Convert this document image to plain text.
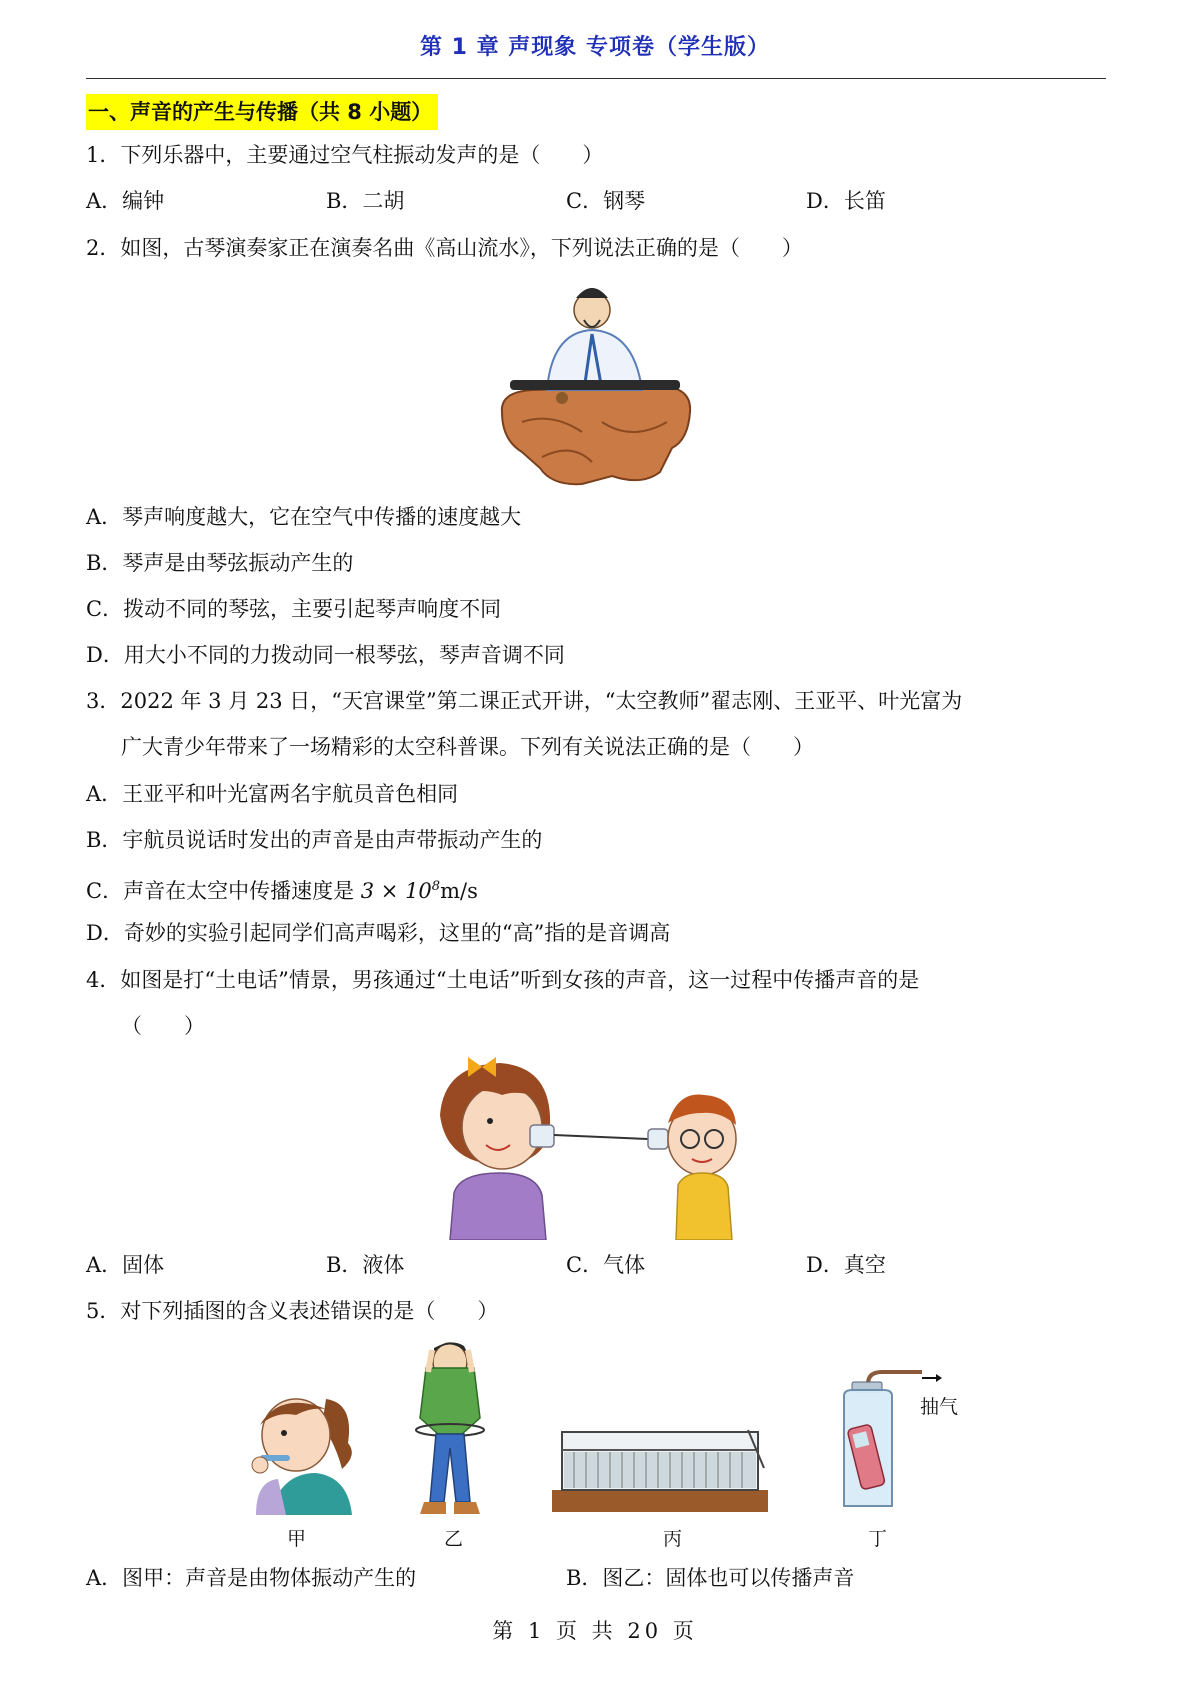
第 1 章 声现象 专项卷（学生版）
一、声音的产生与传播（共 8 小题）
1．下列乐器中，主要通过空气柱振动发声的是（　　）
A．编钟	B．二胡	C．钢琴	D．长笛
2．如图，古琴演奏家正在演奏名曲《高山流水》，下列说法正确的是（　　）
A．琴声响度越大，它在空气中传播的速度越大
B．琴声是由琴弦振动产生的
C．拨动不同的琴弦，主要引起琴声响度不同
D．用大小不同的力拨动同一根琴弦，琴声音调不同
3．2022 年 3 月 23 日，“天宫课堂”第二课正式开讲，“太空教师”翟志刚、王亚平、叶光富为
广大青少年带来了一场精彩的太空科普课。下列有关说法正确的是（　　）
A．王亚平和叶光富两名宇航员音色相同
B．宇航员说话时发出的声音是由声带振动产生的
C．声音在太空中传播速度是 $3 \times 10^8m/s$
D．奇妙的实验引起同学们高声喝彩，这里的“高”指的是音调高
4．如图是打“土电话”情景，男孩通过“土电话”听到女孩的声音，这一过程中传播声音的是
（　　）
A．固体	B．液体	C．气体	D．真空
5．对下列插图的含义表述错误的是（　　）
甲	乙	丙
抽气
丁
A．图甲：声音是由物体振动产生的	B．图乙：固体也可以传播声音
第 1 页 共 20 页
